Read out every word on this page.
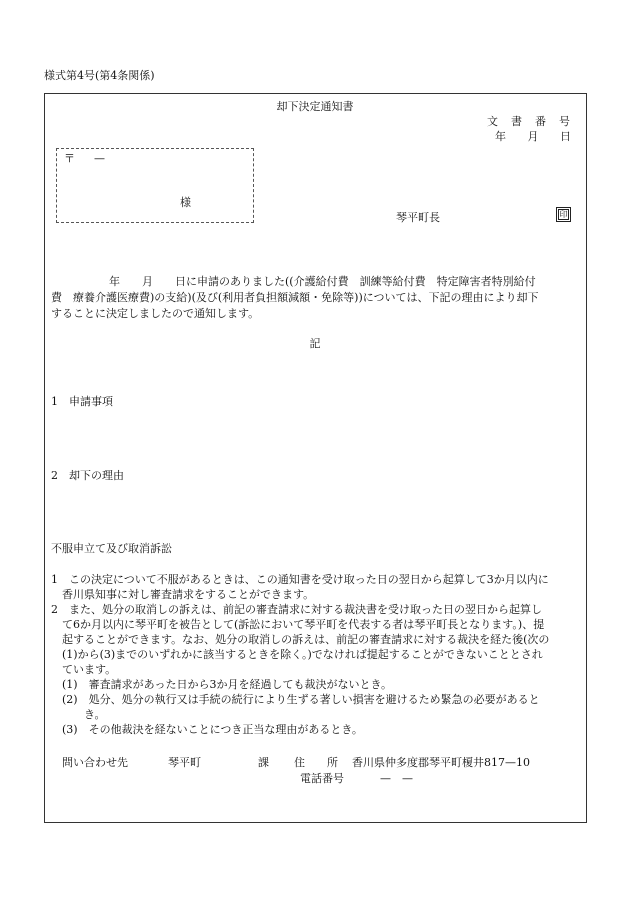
様式第4号(第4条関係)
却下決定通知書
文　書　番　号
年 月 日
〒 —
様
琴平町長	印
年　　月　　日に申請のありました((介護給付費　訓練等給付費　特定障害者特別給付
費　療養介護医療費)の支給)(及び(利用者負担額減額・免除等))については、下記の理由により却下
することに決定しましたので通知します。
記
1　申請事項
2　却下の理由
不服申立て及び取消訴訟
1　この決定について不服があるときは、この通知書を受け取った日の翌日から起算して3か月以内に
　香川県知事に対し審査請求をすることができます。
2　また、処分の取消しの訴えは、前記の審査請求に対する裁決書を受け取った日の翌日から起算し
　て6か月以内に琴平町を被告として(訴訟において琴平町を代表する者は琴平町長となります。)、提
　起することができます。なお、処分の取消しの訴えは、前記の審査請求に対する裁決を経た後(次の
　(1)から(3)までのいずれかに該当するときを除く。)でなければ提起することができないこととされ
　ています。
　(1)　審査請求があった日から3か月を経過しても裁決がないとき。
　(2)　処分、処分の執行又は手続の続行により生ずる著しい損害を避けるため緊急の必要があると
　　　き。
　(3)　その他裁決を経ないことにつき正当な理由があるとき。
問い合わせ先	琴平町	課 住　　所 香川県仲多度郡琴平町榎井817—10
電話番号	—　—
